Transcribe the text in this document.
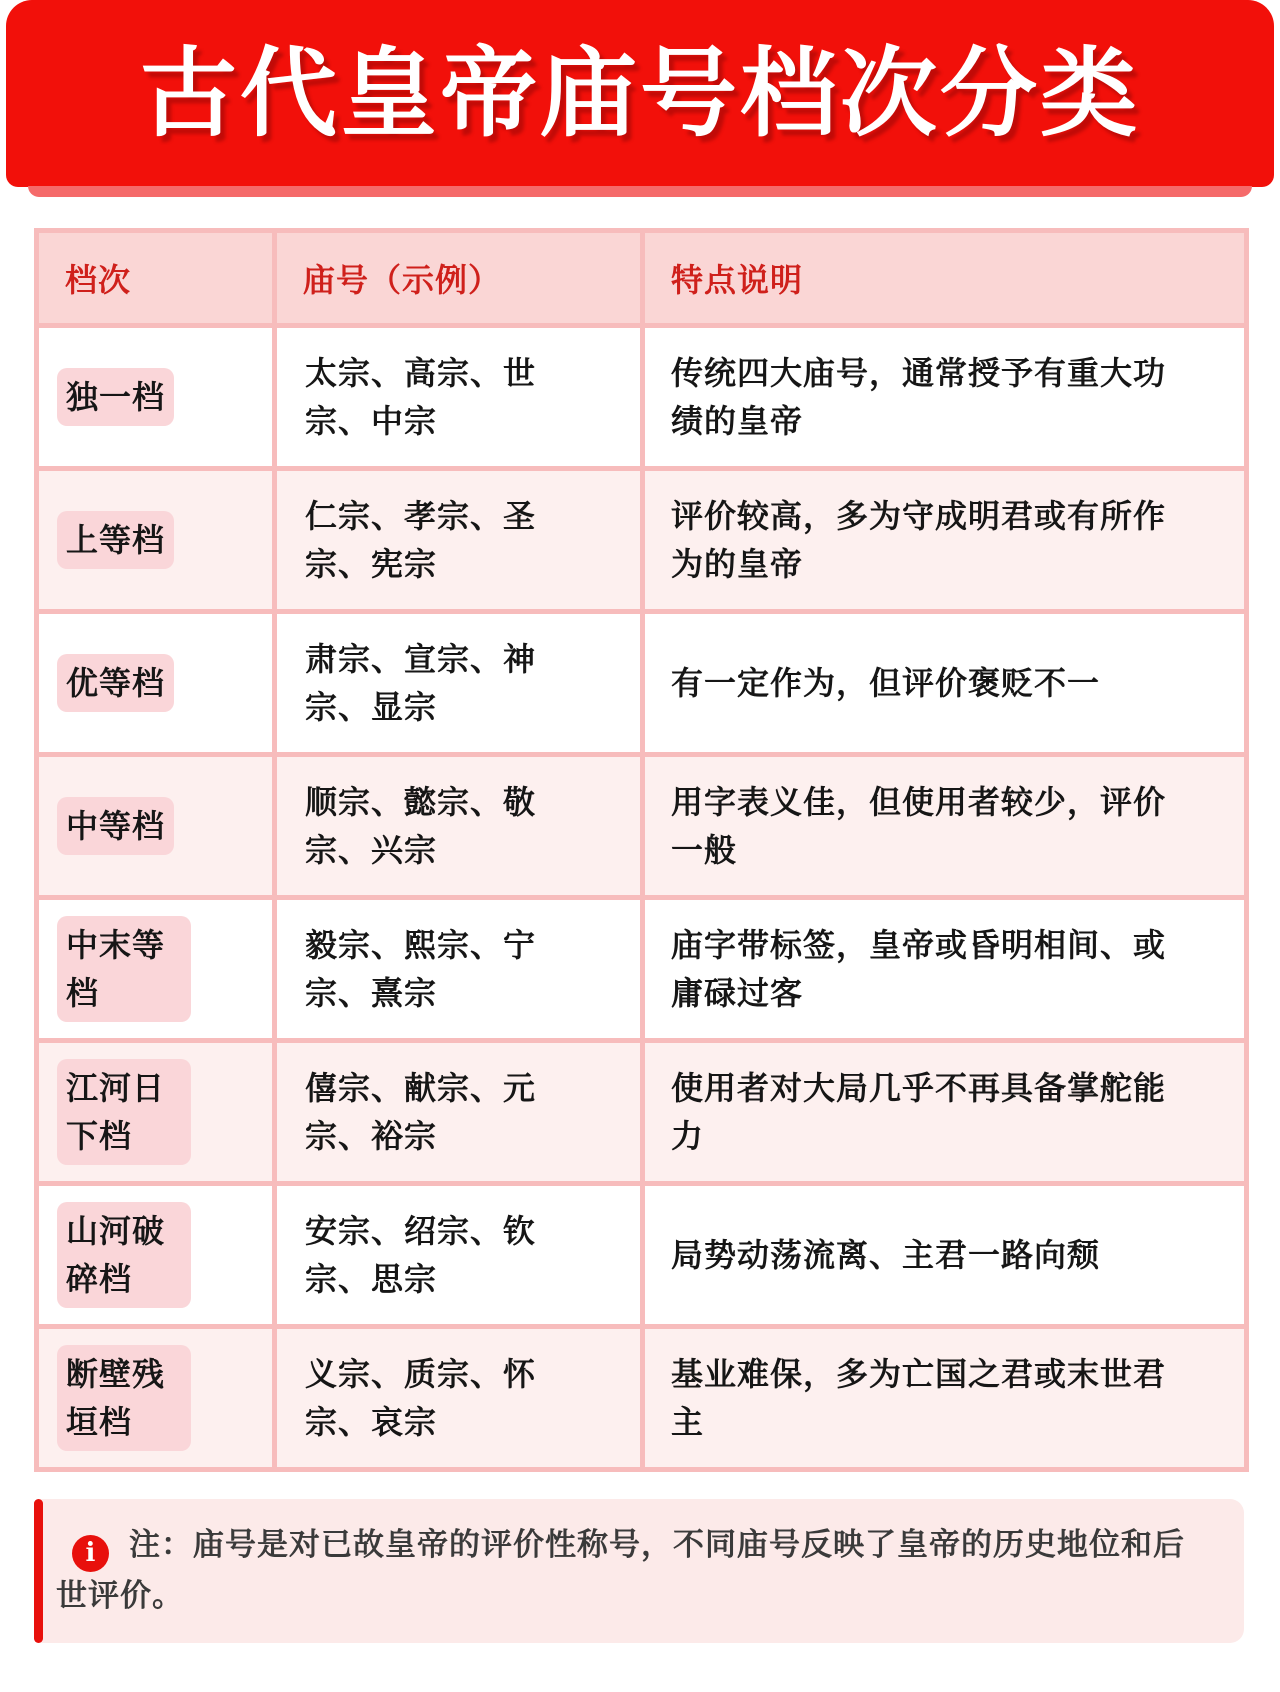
古代皇帝庙号档次分类
档次	庙号（示例）	特点说明
独一档	太宗、高宗、世宗、中宗	传统四大庙号，通常授予有重大功绩的皇帝
上等档	仁宗、孝宗、圣宗、宪宗	评价较高，多为守成明君或有所作为的皇帝
优等档	肃宗、宣宗、神宗、显宗	有一定作为，但评价褒贬不一
中等档	顺宗、懿宗、敬宗、兴宗	用字表义佳，但使用者较少，评价一般
中末等档	毅宗、熙宗、宁宗、熹宗	庙字带标签，皇帝或昏明相间、或庸碌过客
江河日下档	僖宗、献宗、元宗、裕宗	使用者对大局几乎不再具备掌舵能力
山河破碎档	安宗、绍宗、钦宗、思宗	局势动荡流离、主君一路向颓
断壁残垣档	义宗、质宗、怀宗、哀宗	基业难保，多为亡国之君或末世君主
i 注：庙号是对已故皇帝的评价性称号，不同庙号反映了皇帝的历史地位和后世评价。
